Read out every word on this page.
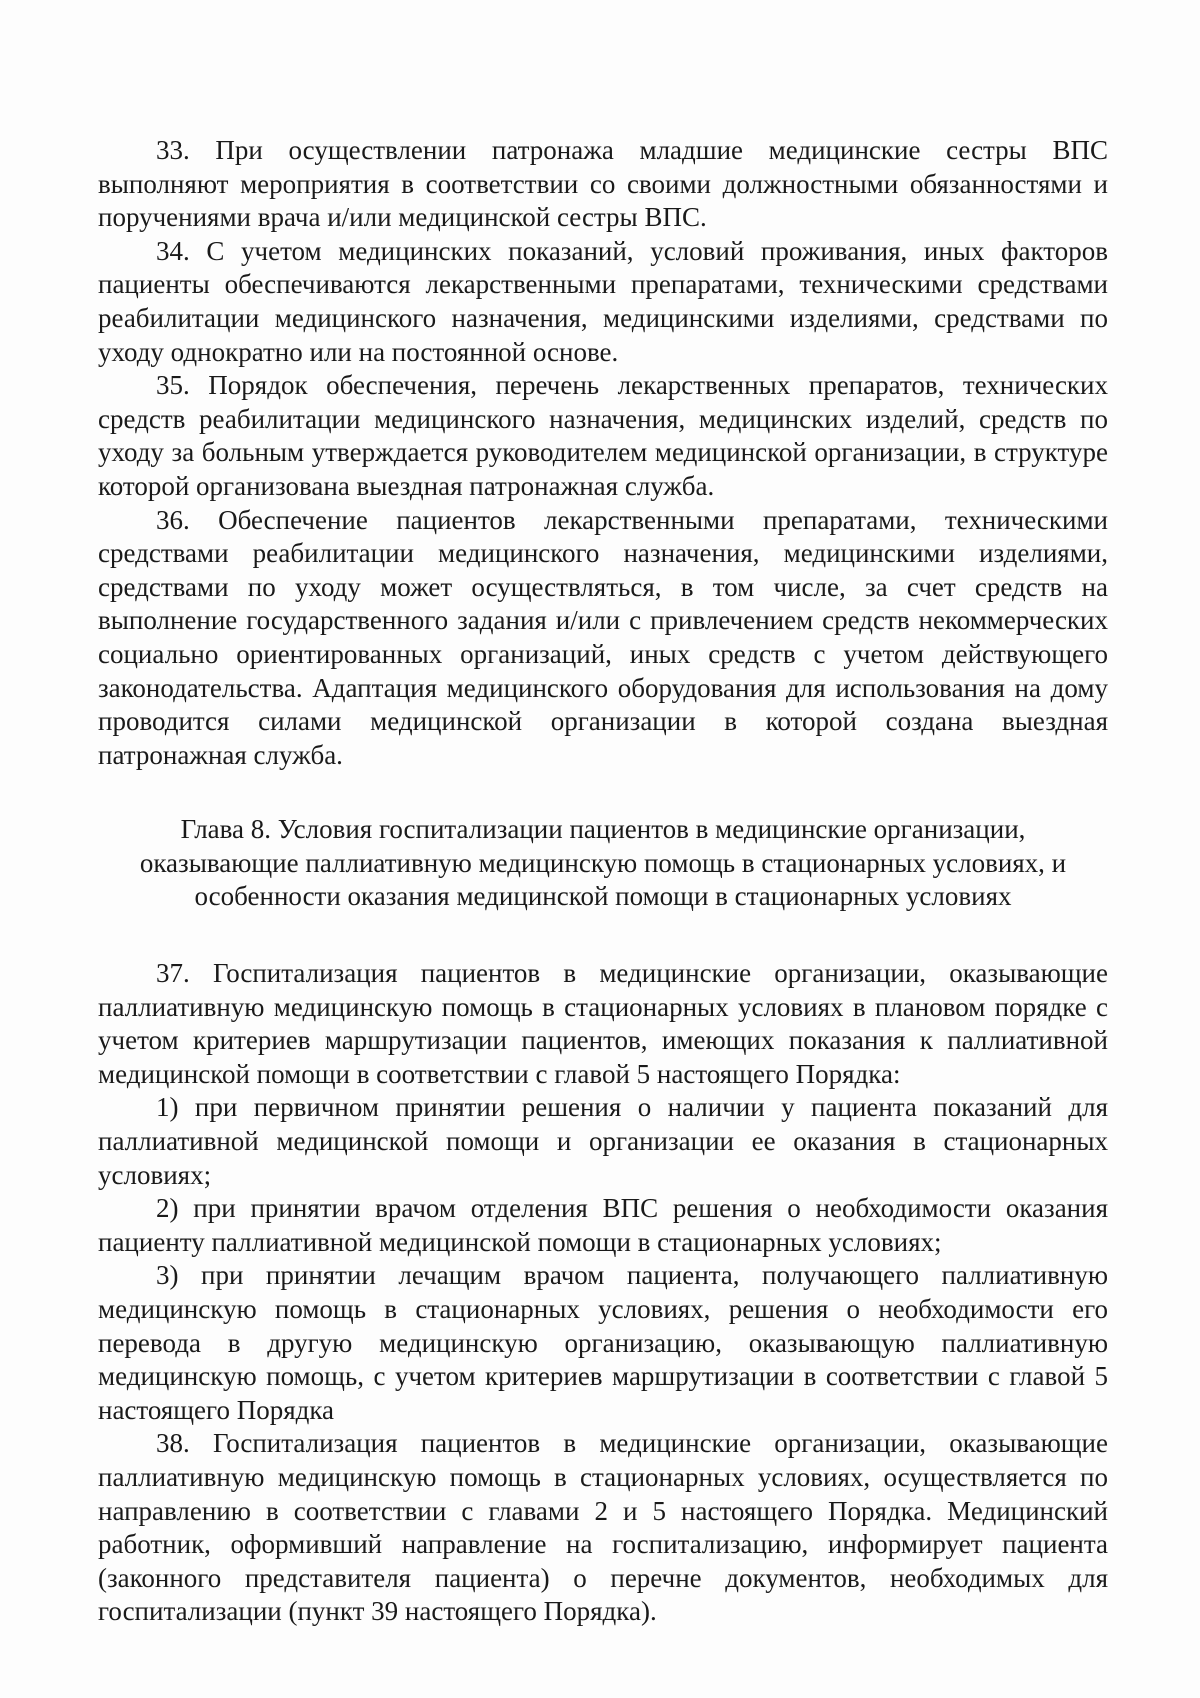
33. При осуществлении патронажа младшие медицинские сестры ВПС выполняют мероприятия в соответствии со своими должностными обязанностями и поручениями врача и/или медицинской сестры ВПС.

34. С учетом медицинских показаний, условий проживания, иных факторов пациенты обеспечиваются лекарственными препаратами, техническими средствами реабилитации медицинского назначения, медицинскими изделиями, средствами по уходу однократно или на постоянной основе.

35. Порядок обеспечения, перечень лекарственных препаратов, технических средств реабилитации медицинского назначения, медицинских изделий, средств по уходу за больным утверждается руководителем медицинской организации, в структуре которой организована выездная патронажная служба.

36. Обеспечение пациентов лекарственными препаратами, техническими средствами реабилитации медицинского назначения, медицинскими изделиями, средствами по уходу может осуществляться, в том числе, за счет средств на выполнение государственного задания и/или с привлечением средств некоммерческих социально ориентированных организаций, иных средств с учетом действующего законодательства. Адаптация медицинского оборудования для использования на дому проводится силами медицинской организации в которой создана выездная патронажная служба.

Глава 8. Условия госпитализации пациентов в медицинские организации,
оказывающие паллиативную медицинскую помощь в стационарных условиях, и
особенности оказания медицинской помощи в стационарных условиях

37. Госпитализация пациентов в медицинские организации, оказывающие паллиативную медицинскую помощь в стационарных условиях в плановом порядке с учетом критериев маршрутизации пациентов, имеющих показания к паллиативной медицинской помощи в соответствии с главой 5 настоящего Порядка:

1) при первичном принятии решения о наличии у пациента показаний для паллиативной медицинской помощи и организации ее оказания в стационарных условиях;

2) при принятии врачом отделения ВПС решения о необходимости оказания пациенту паллиативной медицинской помощи в стационарных условиях;

3) при принятии лечащим врачом пациента, получающего паллиативную медицинскую помощь в стационарных условиях, решения о необходимости его перевода в другую медицинскую организацию, оказывающую паллиативную медицинскую помощь, с учетом критериев маршрутизации в соответствии с главой 5 настоящего Порядка

38. Госпитализация пациентов в медицинские организации, оказывающие паллиативную медицинскую помощь в стационарных условиях, осуществляется по направлению в соответствии с главами 2 и 5 настоящего Порядка. Медицинский работник, оформивший направление на госпитализацию, информирует пациента (законного представителя пациента) о перечне документов, необходимых для госпитализации (пункт 39 настоящего Порядка).
